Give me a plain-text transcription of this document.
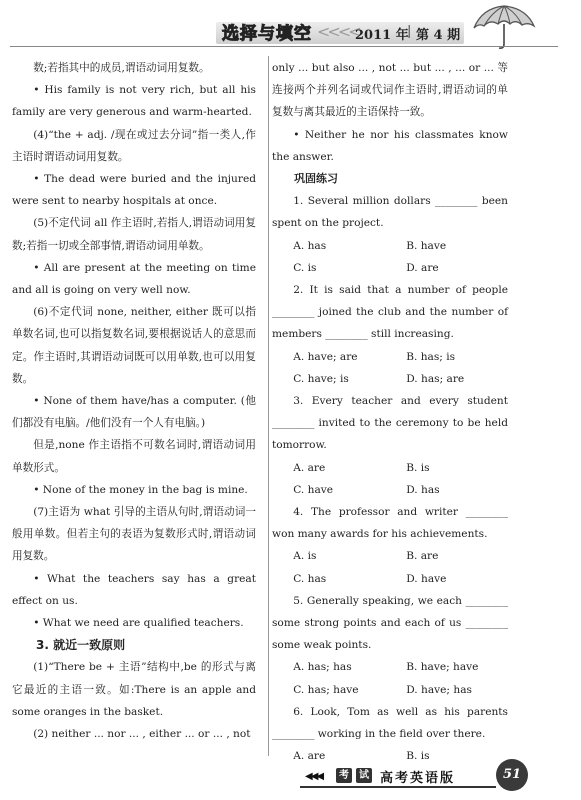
选择与填空 <<<<
2011 年
| 第 4 期

数;若指其中的成员,谓语动词用复数。

• His family is not very rich, but all his family are very generous and warm-hearted.

(4)“the + adj. /现在或过去分词”指一类人,作主语时谓语动词用复数。

• The dead were buried and the injured were sent to nearby hospitals at once.

(5)不定代词 all 作主语时,若指人,谓语动词用复数;若指一切或全部事情,谓语动词用单数。

• All are present at the meeting on time and all is going on very well now.

(6)不定代词 none, neither, either 既可以指单数名词,也可以指复数名词,要根据说话人的意思而定。作主语时,其谓语动词既可以用单数,也可以用复数。

• None of them have/has a computer. (他们都没有电脑。/他们没有一个人有电脑。)

但是,none 作主语指不可数名词时,谓语动词用单数形式。

• None of the money in the bag is mine.

(7)主语为 what 引导的主语从句时,谓语动词一般用单数。但若主句的表语为复数形式时,谓语动词用复数。

• What the teachers say has a great effect on us.

• What we need are qualified teachers.

3. 就近一致原则

(1)“There be + 主语”结构中,be 的形式与离它最近的主语一致。如:There is an apple and some oranges in the basket.

(2) neither ... nor ... , either ... or ... , not

only ... but also ... , not ... but ... , ... or ... 等连接两个并列名词或代词作主语时,谓语动词的单复数与离其最近的主语保持一致。

• Neither he nor his classmates know the answer.

巩固练习

1. Several million dollars ________ been spent on the project.

A. has	B. have
C. is	D. are

2. It is said that a number of people ________ joined the club and the number of members ________ still increasing.

A. have; are	B. has; is
C. have; is	D. has; are

3. Every teacher and every student ________ invited to the ceremony to be held tomorrow.

A. are	B. is
C. have	D. has

4. The professor and writer ________ won many awards for his achievements.

A. is	B. are
C. has	D. have

5. Generally speaking, we each ________ some strong points and each of us ________ some weak points.

A. has; has	B. have; have
C. has; have	D. have; has

6. Look, Tom as well as his parents ________ working in the field over there.

A. are	B. is
◀◀◀	考	试 高考英语版	51
